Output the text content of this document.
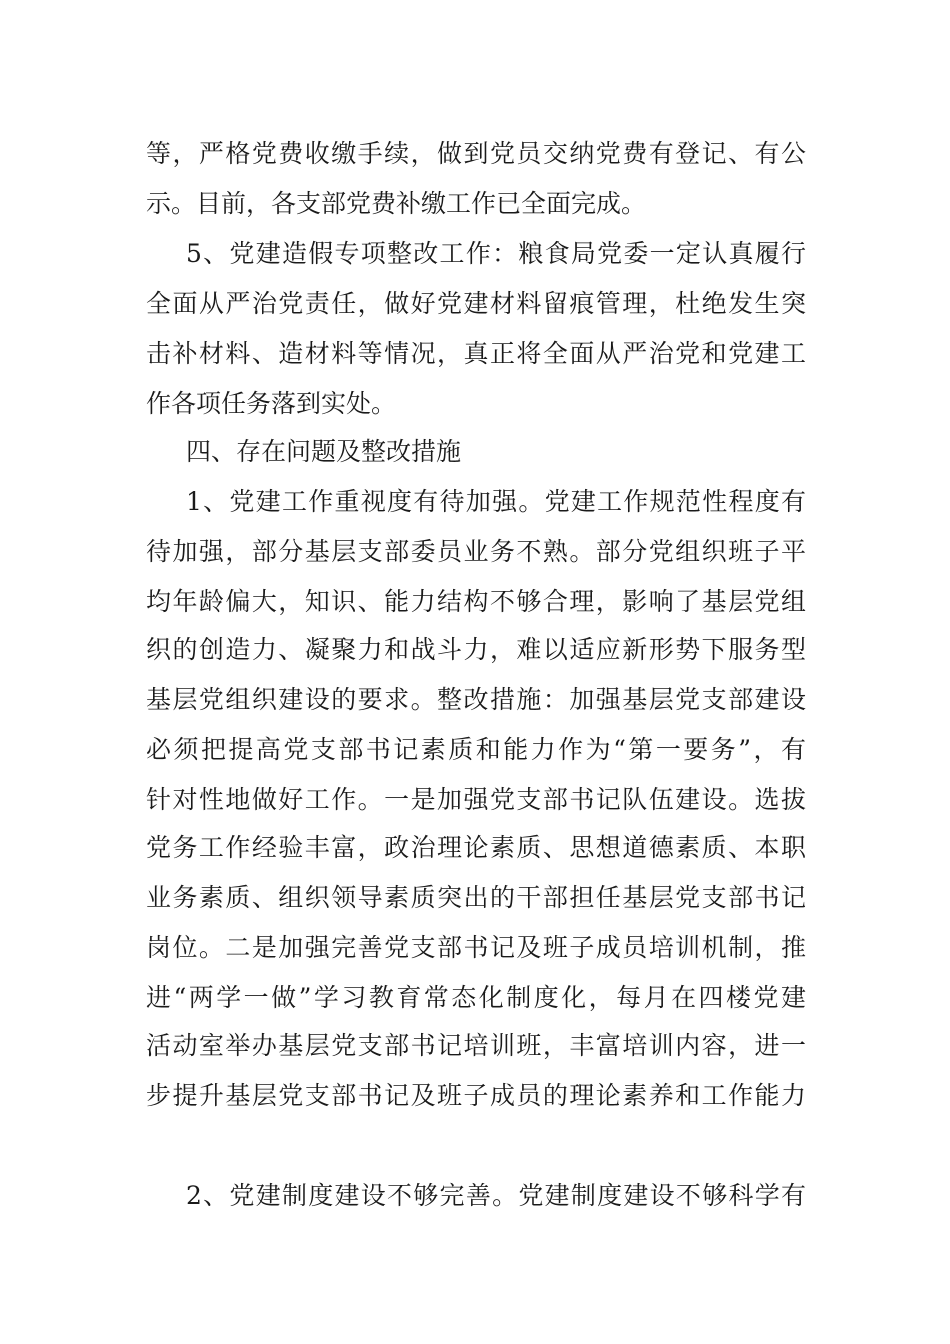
等，严格党费收缴手续，做到党员交纳党费有登记、有公
示。目前，各支部党费补缴工作已全面完成。
5、党建造假专项整改工作：粮食局党委一定认真履行
全面从严治党责任，做好党建材料留痕管理，杜绝发生突
击补材料、造材料等情况，真正将全面从严治党和党建工
作各项任务落到实处。
四、存在问题及整改措施
1、党建工作重视度有待加强。党建工作规范性程度有
待加强，部分基层支部委员业务不熟。部分党组织班子平
均年龄偏大，知识、能力结构不够合理，影响了基层党组
织的创造力、凝聚力和战斗力，难以适应新形势下服务型
基层党组织建设的要求。整改措施：加强基层党支部建设
必须把提高党支部书记素质和能力作为“第一要务”，有
针对性地做好工作。一是加强党支部书记队伍建设。选拔
党务工作经验丰富，政治理论素质、思想道德素质、本职
业务素质、组织领导素质突出的干部担任基层党支部书记
岗位。二是加强完善党支部书记及班子成员培训机制，推
进“两学一做”学习教育常态化制度化，每月在四楼党建
活动室举办基层党支部书记培训班，丰富培训内容，进一
步提升基层党支部书记及班子成员的理论素养和工作能力
2、党建制度建设不够完善。党建制度建设不够科学有
